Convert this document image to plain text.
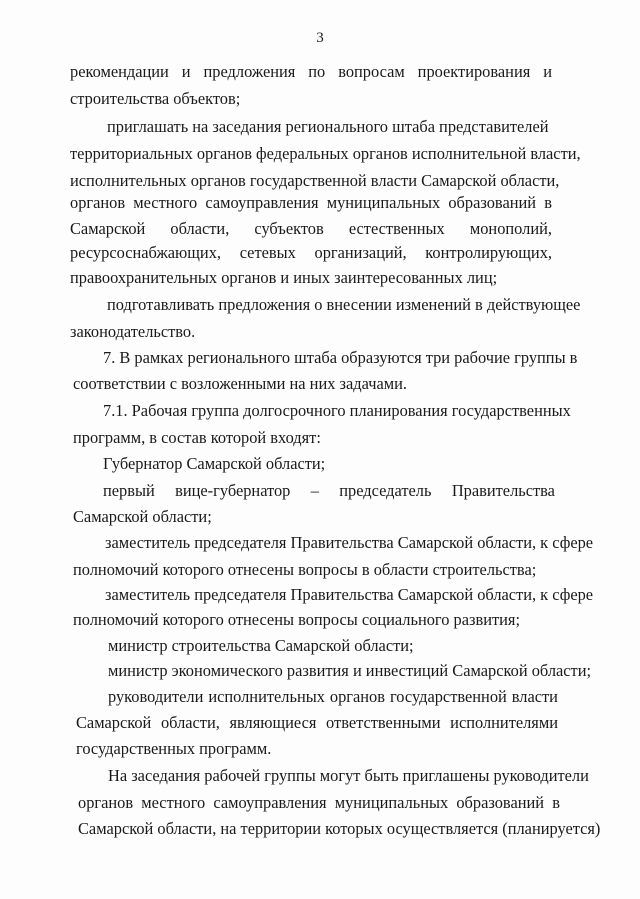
3
рекомендации и предложения по вопросам проектирования и
строительства объектов;
приглашать на заседания регионального штаба представителей
территориальных органов федеральных органов исполнительной власти,
исполнительных органов государственной власти Самарской области,
органов местного самоуправления муниципальных образований в
Самарской области, субъектов естественных монополий,
ресурсоснабжающих, сетевых организаций, контролирующих,
правоохранительных органов и иных заинтересованных лиц;
подготавливать предложения о внесении изменений в действующее
законодательство.
7. В рамках регионального штаба образуются три рабочие группы в
соответствии с возложенными на них задачами.
7.1. Рабочая группа долгосрочного планирования государственных
программ, в состав которой входят:
Губернатор Самарской области;
первый вице-губернатор – председатель Правительства
Самарской области;
заместитель председателя Правительства Самарской области, к сфере
полномочий которого отнесены вопросы в области строительства;
заместитель председателя Правительства Самарской области, к сфере
полномочий которого отнесены вопросы социального развития;
министр строительства Самарской области;
министр экономического развития и инвестиций Самарской области;
руководители исполнительных органов государственной власти
Самарской области, являющиеся ответственными исполнителями
государственных программ.
На заседания рабочей группы могут быть приглашены руководители
органов местного самоуправления муниципальных образований в
Самарской области, на территории которых осуществляется (планируется)
